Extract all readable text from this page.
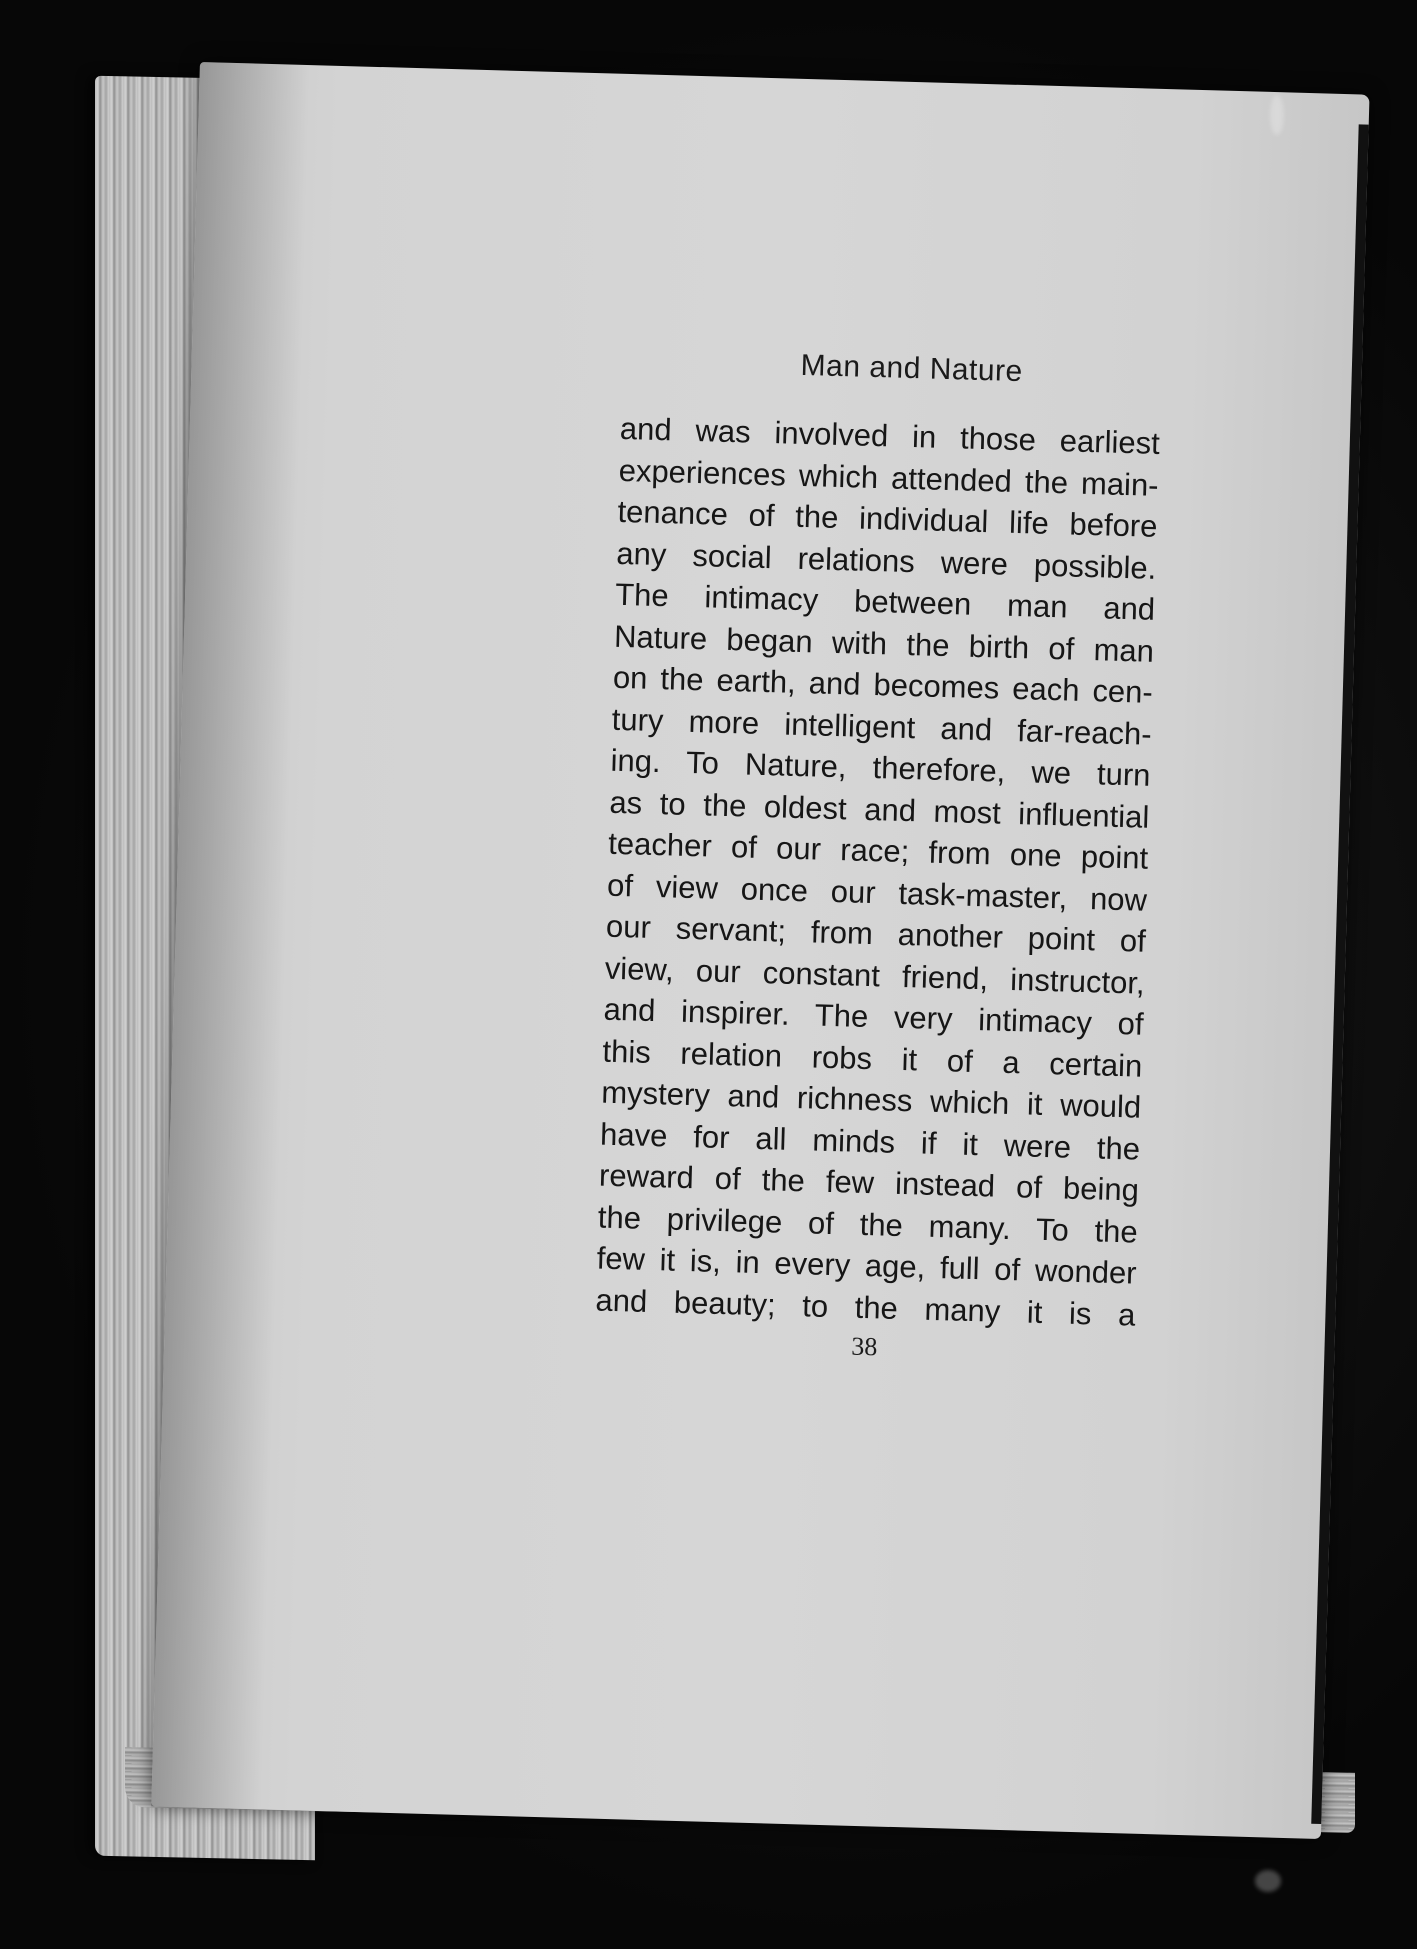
Man and Nature
and was involved in those earliest
experiences which attended the main-
tenance of the individual life before
any social relations were possible.
The intimacy between man and
Nature began with the birth of man
on the earth, and becomes each cen-
tury more intelligent and far-reach-
ing. To Nature, therefore, we turn
as to the oldest and most influential
teacher of our race; from one point
of view once our task-master, now
our servant; from another point of
view, our constant friend, instructor,
and inspirer. The very intimacy of
this relation robs it of a certain
mystery and richness which it would
have for all minds if it were the
reward of the few instead of being
the privilege of the many. To the
few it is, in every age, full of wonder
and beauty; to the many it is a
38
